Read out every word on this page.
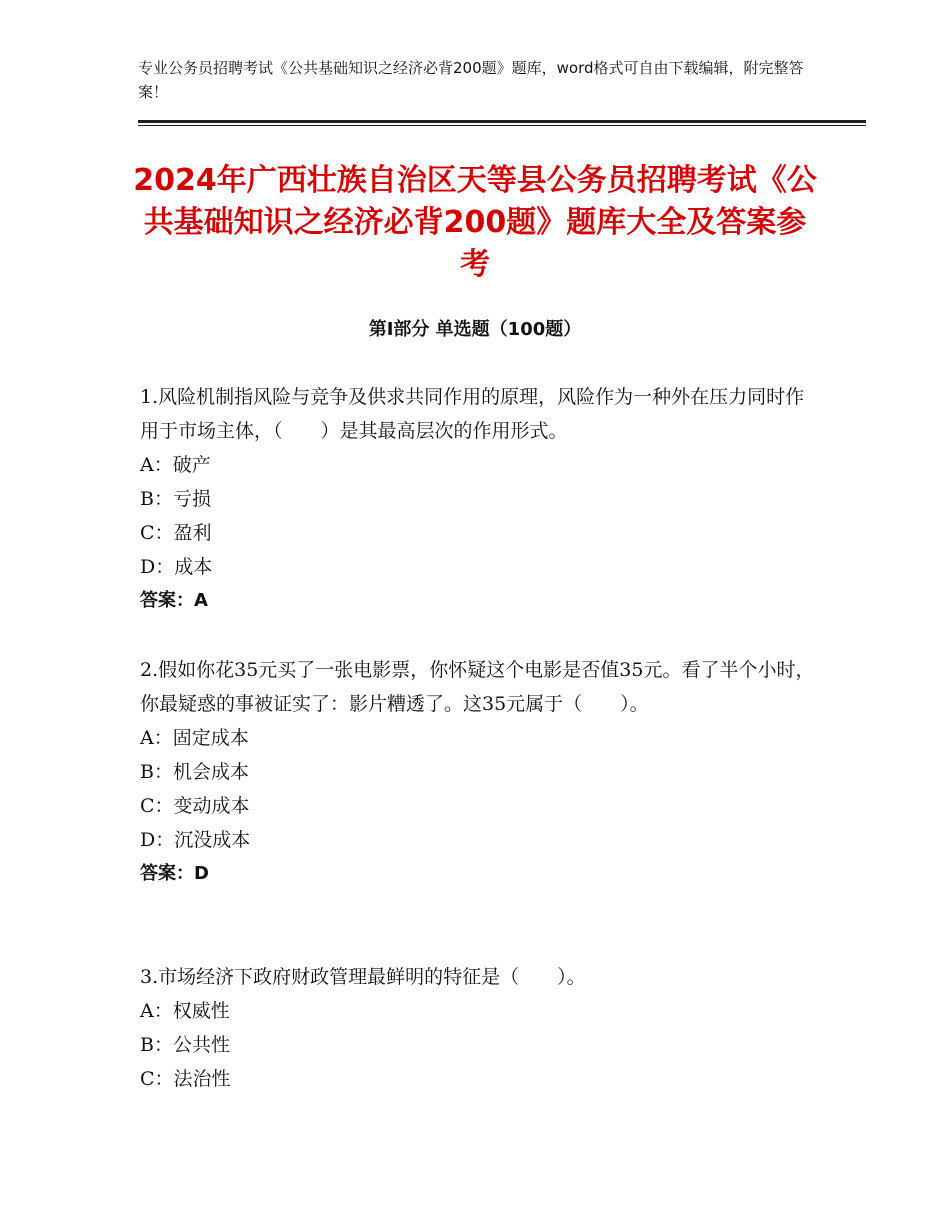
专业公务员招聘考试《公共基础知识之经济必背200题》题库，word格式可自由下载编辑，附完整答案！
2024年广西壮族自治区天等县公务员招聘考试《公共基础知识之经济必背200题》题库大全及答案参考
第Ⅰ部分 单选题（100题）

1.风险机制指风险与竞争及供求共同作用的原理，风险作为一种外在压力同时作用于市场主体，（　　）是其最高层次的作用形式。

A：破产

B：亏损

C：盈利

D：成本

答案：A

2.假如你花35元买了一张电影票，你怀疑这个电影是否值35元。看了半个小时，你最疑惑的事被证实了：影片糟透了。这35元属于（　　）。

A：固定成本

B：机会成本

C：变动成本

D：沉没成本

答案：D

3.市场经济下政府财政管理最鲜明的特征是（　　）。

A：权威性

B：公共性

C：法治性
